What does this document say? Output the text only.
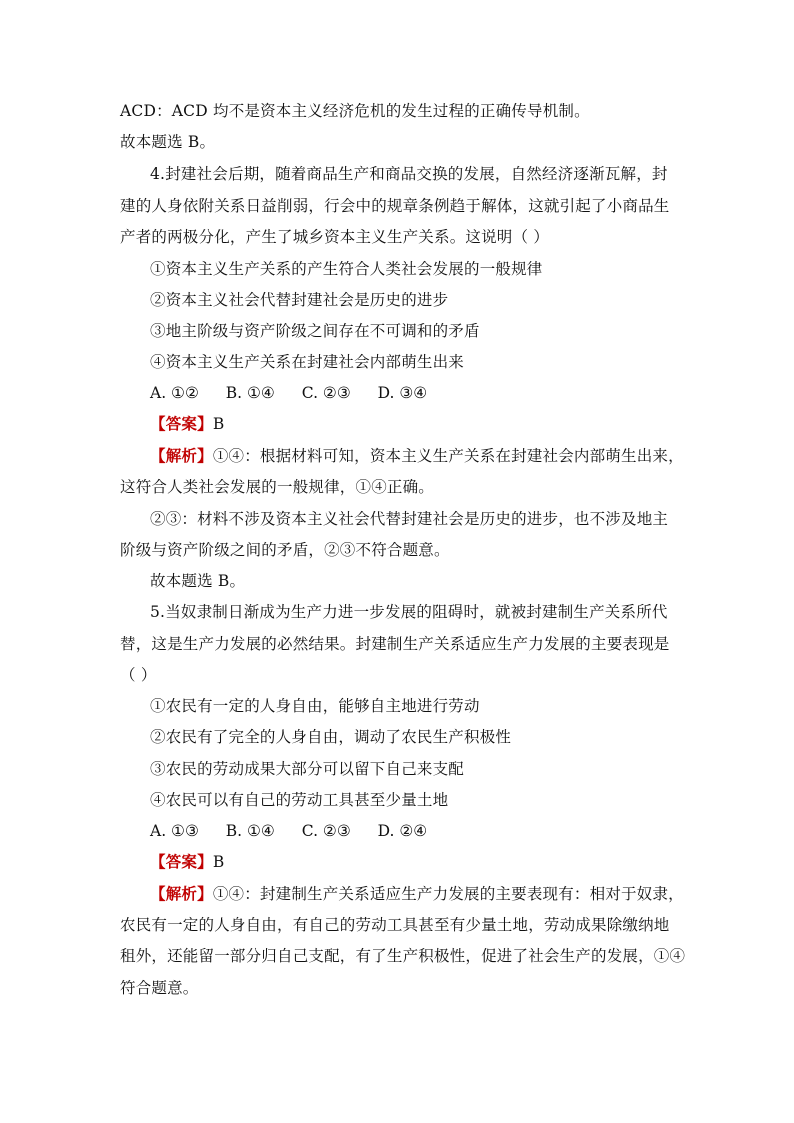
ACD：ACD 均不是资本主义经济危机的发生过程的正确传导机制。
故本题选 B。
4.封建社会后期，随着商品生产和商品交换的发展，自然经济逐渐瓦解，封
建的人身依附关系日益削弱，行会中的规章条例趋于解体，这就引起了小商品生
产者的两极分化，产生了城乡资本主义生产关系。这说明（ ）
①资本主义生产关系的产生符合人类社会发展的一般规律
②资本主义社会代替封建社会是历史的进步
③地主阶级与资产阶级之间存在不可调和的矛盾
④资本主义生产关系在封建社会内部萌生出来
A. ①② B. ①④ C. ②③ D. ③④
【答案】B
【解析】①④：根据材料可知，资本主义生产关系在封建社会内部萌生出来，
这符合人类社会发展的一般规律，①④正确。
②③：材料不涉及资本主义社会代替封建社会是历史的进步，也不涉及地主
阶级与资产阶级之间的矛盾，②③不符合题意。
故本题选 B。
5.当奴隶制日渐成为生产力进一步发展的阻碍时，就被封建制生产关系所代
替，这是生产力发展的必然结果。封建制生产关系适应生产力发展的主要表现是
（ ）
①农民有一定的人身自由，能够自主地进行劳动
②农民有了完全的人身自由，调动了农民生产积极性
③农民的劳动成果大部分可以留下自己来支配
④农民可以有自己的劳动工具甚至少量土地
A. ①③ B. ①④ C. ②③ D. ②④
【答案】B
【解析】①④：封建制生产关系适应生产力发展的主要表现有：相对于奴隶，
农民有一定的人身自由，有自己的劳动工具甚至有少量土地，劳动成果除缴纳地
租外，还能留一部分归自己支配，有了生产积极性，促进了社会生产的发展，①④
符合题意。
